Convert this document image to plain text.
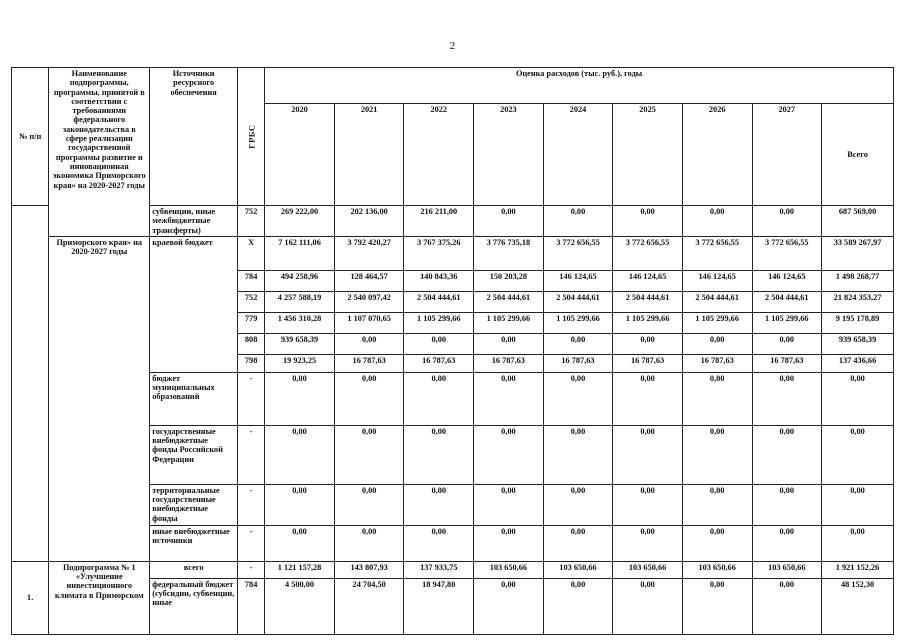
2
№ п/п	Наименование подпрограммы, программы, принятой в соответствии с требованиями федерального законодательства в сфере реализации государственной программы развитие и инновационная экономика Приморского края» на 2020-2027 годы	Источники ресурсного обеспечения	ГРБС	Оценка расходов (тыс. руб.), годы								
				2020	2021	2022	2023	2024	2025	2026	2027	Всего
		субвенции, иные межбюджетные трансферты)	752	269 222,00	202 136,00	216 211,00	0,00	0,00	0,00	0,00	0,00	687 569,00
	Приморского края» на 2020-2027 годы	краевой бюджет	Х	7 162 111,06	3 792 420,27	3 767 375,26	3 776 735,18	3 772 656,55	3 772 656,55	3 772 656,55	3 772 656,55	33 589 267,97
			784	494 258,96	128 464,57	140 843,36	150 203,28	146 124,65	146 124,65	146 124,65	146 124,65	1 498 268,77
			752	4 257 588,19	2 540 097,42	2 504 444,61	2 504 444,61	2 504 444,61	2 504 444,61	2 504 444,61	2 504 444,61	21 824 353,27
			779	1 456 310,28	1 107 070,65	1 105 299,66	1 105 299,66	1 105 299,66	1 105 299,66	1 105 299,66	1 105 299,66	9 195 178,89
			808	939 658,39	0,00	0,00	0,00	0,00	0,00	0,00	0,00	939 658,39
			798	19 923,25	16 787,63	16 787,63	16 787,63	16 787,63	16 787,63	16 787,63	16 787,63	137 436,66
		бюджет муниципальных образований	-	0,00	0,00	0,00	0,00	0,00	0,00	0,00	0,00	0,00
		государственные внебюджетные фонды Российской Федерации	-	0,00	0,00	0,00	0,00	0,00	0,00	0,00	0,00	0,00
		территориальные государственные внебюджетные фонды	-	0,00	0,00	0,00	0,00	0,00	0,00	0,00	0,00	0,00
		иные внебюджетные источники	-	0,00	0,00	0,00	0,00	0,00	0,00	0,00	0,00	0,00
1.	Подпрограмма № 1 «Улучшение инвестиционного климата в Приморском	всего	-	1 121 157,28	143 807,93	137 933,75	103 650,66	103 650,66	103 650,66	103 650,66	103 650,66	1 921 152,26
		федеральный бюджет (субсидии, субвенции, иные	784	4 500,00	24 704,50	18 947,80	0,00	0,00	0,00	0,00	0,00	48 152,30
